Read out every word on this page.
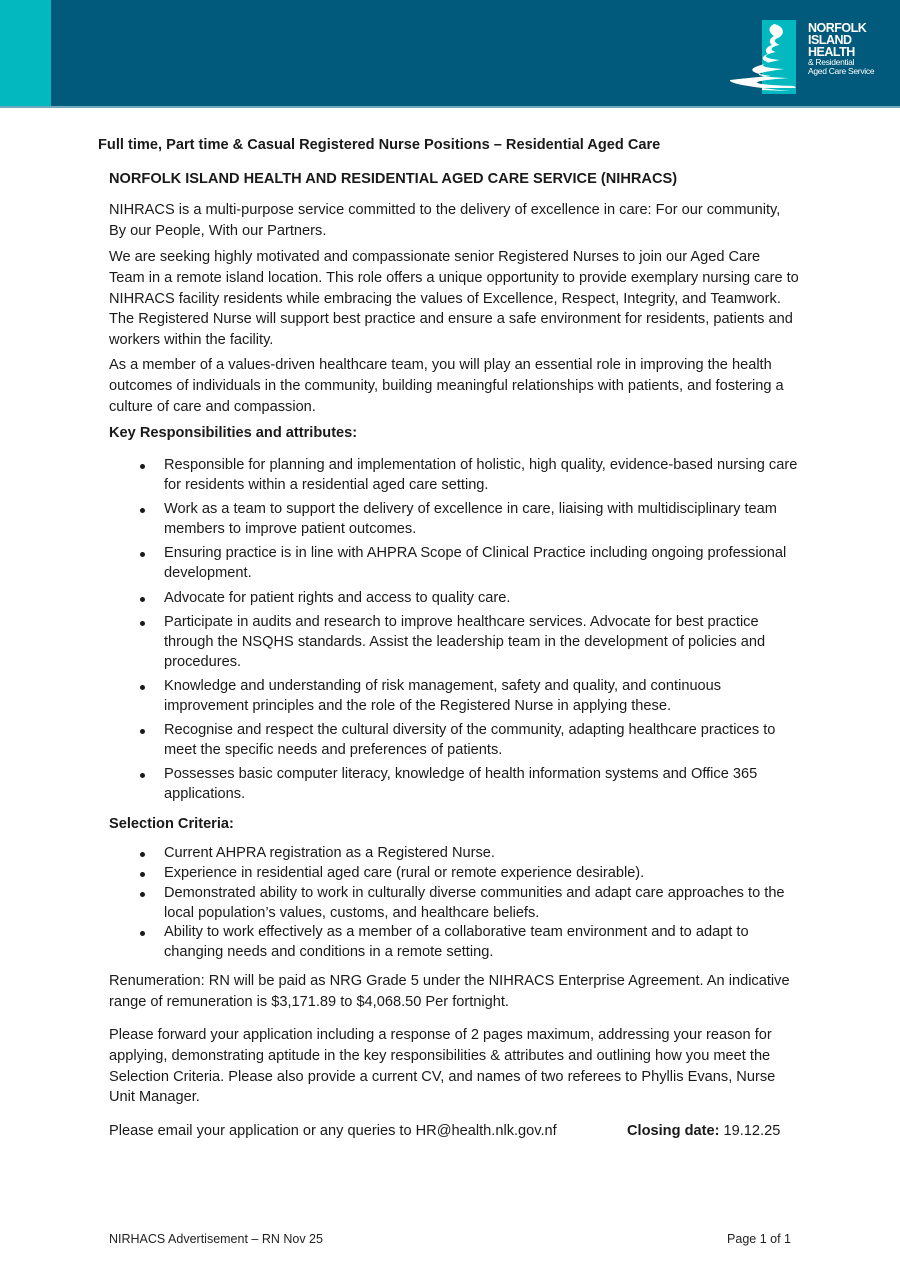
NORFOLK
ISLAND
HEALTH
& Residential
Aged Care Service
Full time, Part time & Casual Registered Nurse Positions – Residential Aged Care
NORFOLK ISLAND HEALTH AND RESIDENTIAL AGED CARE SERVICE (NIHRACS)
NIHRACS is a multi-purpose service committed to the delivery of excellence in care: For our community, By our People, With our Partners.
We are seeking highly motivated and compassionate senior Registered Nurses to join our Aged Care Team in a remote island location. This role offers a unique opportunity to provide exemplary nursing care to NIHRACS facility residents while embracing the values of Excellence, Respect, Integrity, and Teamwork. The Registered Nurse will support best practice and ensure a safe environment for residents, patients and workers within the facility.
As a member of a values-driven healthcare team, you will play an essential role in improving the health outcomes of individuals in the community, building meaningful relationships with patients, and fostering a culture of care and compassion.
Key Responsibilities and attributes:
Responsible for planning and implementation of holistic, high quality, evidence-based nursing care for residents within a residential aged care setting.
Work as a team to support the delivery of excellence in care, liaising with multidisciplinary team members to improve patient outcomes.
Ensuring practice is in line with AHPRA Scope of Clinical Practice including ongoing professional development.
Advocate for patient rights and access to quality care.
Participate in audits and research to improve healthcare services. Advocate for best practice through the NSQHS standards. Assist the leadership team in the development of policies and procedures.
Knowledge and understanding of risk management, safety and quality, and continuous improvement principles and the role of the Registered Nurse in applying these.
Recognise and respect the cultural diversity of the community, adapting healthcare practices to meet the specific needs and preferences of patients.
Possesses basic computer literacy, knowledge of health information systems and Office 365 applications.
Selection Criteria:
Current AHPRA registration as a Registered Nurse.
Experience in residential aged care (rural or remote experience desirable).
Demonstrated ability to work in culturally diverse communities and adapt care approaches to the local population’s values, customs, and healthcare beliefs.
Ability to work effectively as a member of a collaborative team environment and to adapt to changing needs and conditions in a remote setting.
Renumeration: RN will be paid as NRG Grade 5 under the NIHRACS Enterprise Agreement. An indicative range of remuneration is $3,171.89 to $4,068.50 Per fortnight.
Please forward your application including a response of 2 pages maximum, addressing your reason for applying, demonstrating aptitude in the key responsibilities & attributes and outlining how you meet the Selection Criteria. Please also provide a current CV, and names of two referees to Phyllis Evans, Nurse Unit Manager.
Please email your application or any queries to HR@health.nlk.gov.nf	Closing date: 19.12.25
NIRHACS Advertisement – RN Nov 25	Page 1 of 1
